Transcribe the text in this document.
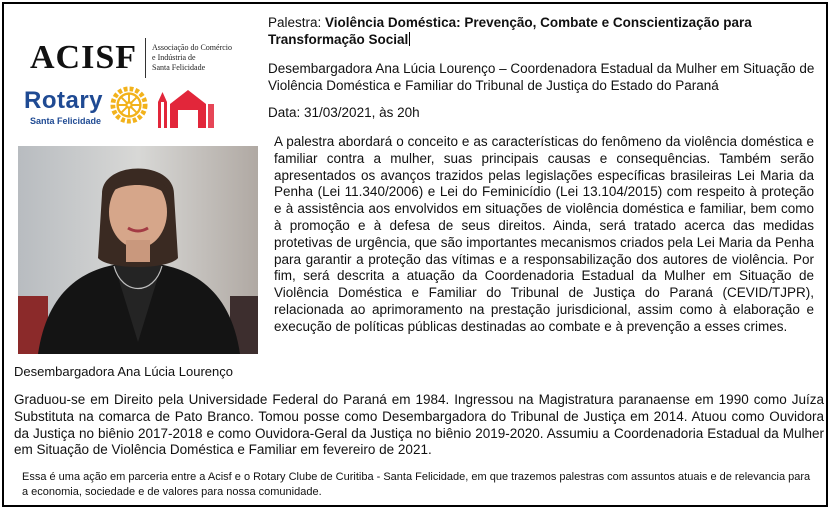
ACISF Associação do Comércio
e Indústria de
Santa Felicidade
Rotary
Santa Felicidade
Desembargadora Ana Lúcia Lourenço

Palestra: Violência Doméstica: Prevenção, Combate e Conscientização para Transformação Social

Desembargadora Ana Lúcia Lourenço – Coordenadora Estadual da Mulher em Situação de Violência Doméstica e Familiar do Tribunal de Justiça do Estado do Paraná

Data: 31/03/2021, às 20h

A palestra abordará o conceito e as características do fenômeno da violência doméstica e familiar contra a mulher, suas principais causas e consequências. Também serão apresentados os avanços trazidos pelas legislações específicas brasileiras Lei Maria da Penha (Lei 11.340/2006) e Lei do Feminicídio (Lei 13.104/2015) com respeito à proteção e à assistência aos envolvidos em situações de violência doméstica e familiar, bem como à promoção e à defesa de seus direitos. Ainda, será tratado acerca das medidas protetivas de urgência, que são importantes mecanismos criados pela Lei Maria da Penha para garantir a proteção das vítimas e a responsabilização dos autores de violência. Por fim, será descrita a atuação da Coordenadoria Estadual da Mulher em Situação de Violência Doméstica e Familiar do Tribunal de Justiça do Paraná (CEVID/TJPR), relacionada ao aprimoramento na prestação jurisdicional, assim como à elaboração e execução de políticas públicas destinadas ao combate e à prevenção a esses crimes.

Graduou-se em Direito pela Universidade Federal do Paraná em 1984. Ingressou na Magistratura paranaense em 1990 como Juíza Substituta na comarca de Pato Branco. Tomou posse como Desembargadora do Tribunal de Justiça em 2014. Atuou como Ouvidora da Justiça no biênio 2017-2018 e como Ouvidora-Geral da Justiça no biênio 2019-2020. Assumiu a Coordenadoria Estadual da Mulher em Situação de Violência Doméstica e Familiar em fevereiro de 2021.

Essa é uma ação em parceria entre a Acisf e o Rotary Clube de Curitiba - Santa Felicidade, em que trazemos palestras com assuntos atuais e de relevancia para a economia, sociedade e de valores para nossa comunidade.
